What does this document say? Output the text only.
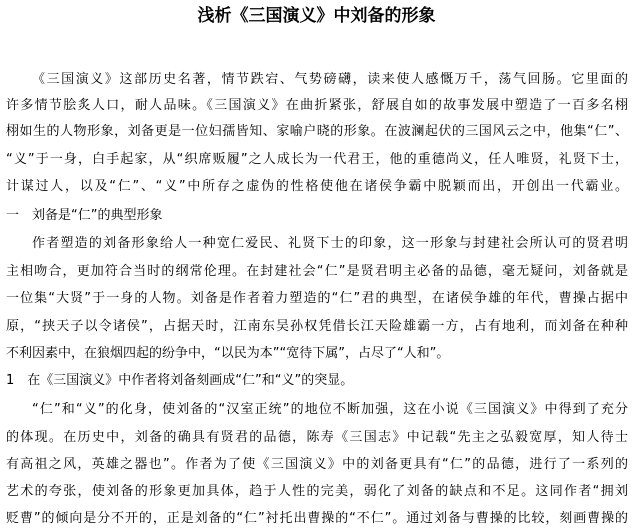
浅析《三国演义》中刘备的形象
《三国演义》这部历史名著，情节跌宕、气势磅礴，读来使人感慨万千，荡气回肠。它里面的
许多情节脍炙人口，耐人品味。《三国演义》在曲折紧张，舒展自如的故事发展中塑造了一百多名栩
栩如生的人物形象，刘备更是一位妇孺皆知、家喻户晓的形象。在波澜起伏的三国风云之中，他集“仁”、
“义”于一身，白手起家，从“织席贩履”之人成长为一代君王，他的重德尚义，任人唯贤，礼贤下士，
计谋过人，以及“仁”、“义”中所存之虚伪的性格使他在诸侯争霸中脱颖而出，开创出一代霸业。
一　刘备是“仁”的典型形象
作者塑造的刘备形象给人一种宽仁爱民、礼贤下士的印象，这一形象与封建社会所认可的贤君明
主相吻合，更加符合当时的纲常伦理。在封建社会“仁”是贤君明主必备的品德，毫无疑问，刘备就是
一位集“大贤”于一身的人物。刘备是作者着力塑造的“仁”君的典型，在诸侯争雄的年代，曹操占据中
原，“挟天子以令诸侯”，占据天时，江南东吴孙权凭借长江天险雄霸一方，占有地利，而刘备在种种
不利因素中，在狼烟四起的纷争中，“以民为本”“宽待下属”，占尽了“人和”。
1　在《三国演义》中作者将刘备刻画成“仁”和“义”的突显。
“仁”和“义”的化身，使刘备的“汉室正统”的地位不断加强，这在小说《三国演义》中得到了充分
的体现。在历史中，刘备的确具有贤君的品德，陈寿《三国志》中记载“先主之弘毅宽厚，知人待士
有高祖之风，英雄之器也”。作者为了使《三国演义》中的刘备更具有“仁”的品德，进行了一系列的
艺术的夸张，使刘备的形象更加具体，趋于人性的完美，弱化了刘备的缺点和不足。这同作者“拥刘
贬曹”的倾向是分不开的，正是刘备的“仁”衬托出曹操的“不仁”。通过刘备与曹操的比较，刻画曹操的
